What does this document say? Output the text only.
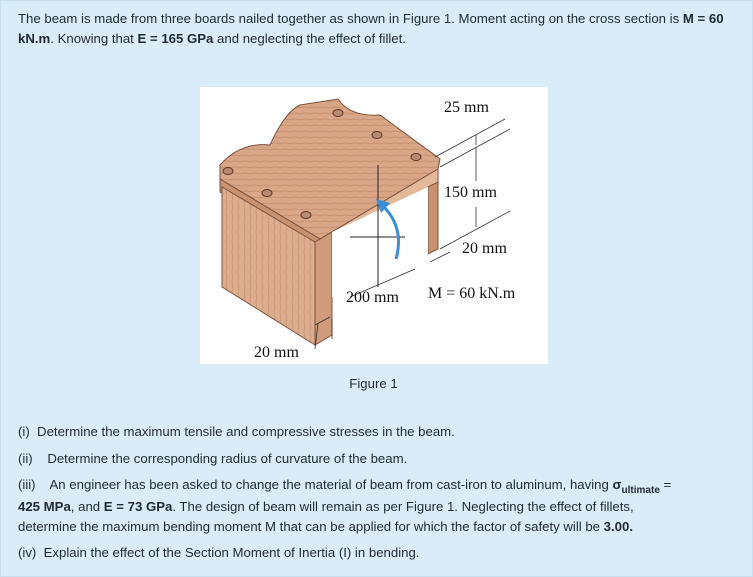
The beam is made from three boards nailed together as shown in Figure 1. Moment acting on the cross section is M = 60 kN.m. Knowing that E = 165 GPa and neglecting the effect of fillet.
25 mm
150 mm
20 mm
200 mm M = 60 kN.m
20 mm
Figure 1
(i) Determine the maximum tensile and compressive stresses in the beam.
(ii) Determine the corresponding radius of curvature of the beam.
(iii) An engineer has been asked to change the material of beam from cast-iron to aluminum, having $\sigma_{ultimate}$ =
425 MPa, and E = 73 GPa. The design of beam will remain as per Figure 1. Neglecting the effect of fillets,
determine the maximum bending moment M that can be applied for which the factor of safety will be 3.00.
(iv) Explain the effect of the Section Moment of Inertia (I) in bending.
